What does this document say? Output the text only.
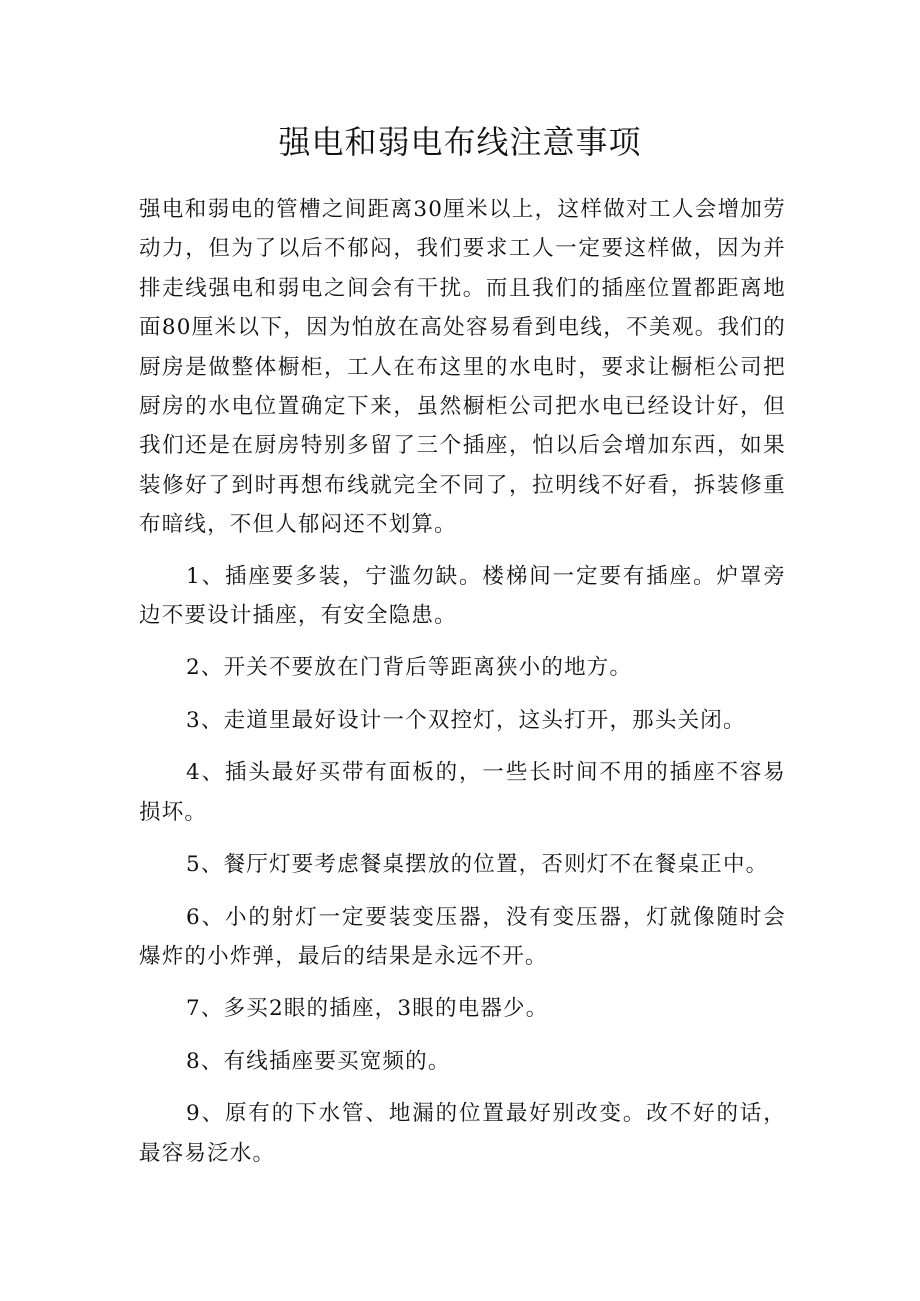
强电和弱电布线注意事项

强电和弱电的管槽之间距离30厘米以上，这样做对工人会增加劳动力，但为了以后不郁闷，我们要求工人一定要这样做，因为并排走线强电和弱电之间会有干扰。而且我们的插座位置都距离地面80厘米以下，因为怕放在高处容易看到电线，不美观。我们的厨房是做整体橱柜，工人在布这里的水电时，要求让橱柜公司把厨房的水电位置确定下来，虽然橱柜公司把水电已经设计好，但我们还是在厨房特别多留了三个插座，怕以后会增加东西，如果装修好了到时再想布线就完全不同了，拉明线不好看，拆装修重布暗线，不但人郁闷还不划算。

1、插座要多装，宁滥勿缺。楼梯间一定要有插座。炉罩旁边不要设计插座，有安全隐患。

2、开关不要放在门背后等距离狭小的地方。

3、走道里最好设计一个双控灯，这头打开，那头关闭。

4、插头最好买带有面板的，一些长时间不用的插座不容易损坏。

5、餐厅灯要考虑餐桌摆放的位置，否则灯不在餐桌正中。

6、小的射灯一定要装变压器，没有变压器，灯就像随时会爆炸的小炸弹，最后的结果是永远不开。

7、多买2眼的插座，3眼的电器少。

8、有线插座要买宽频的。

9、原有的下水管、地漏的位置最好别改变。改不好的话，最容易泛水。
